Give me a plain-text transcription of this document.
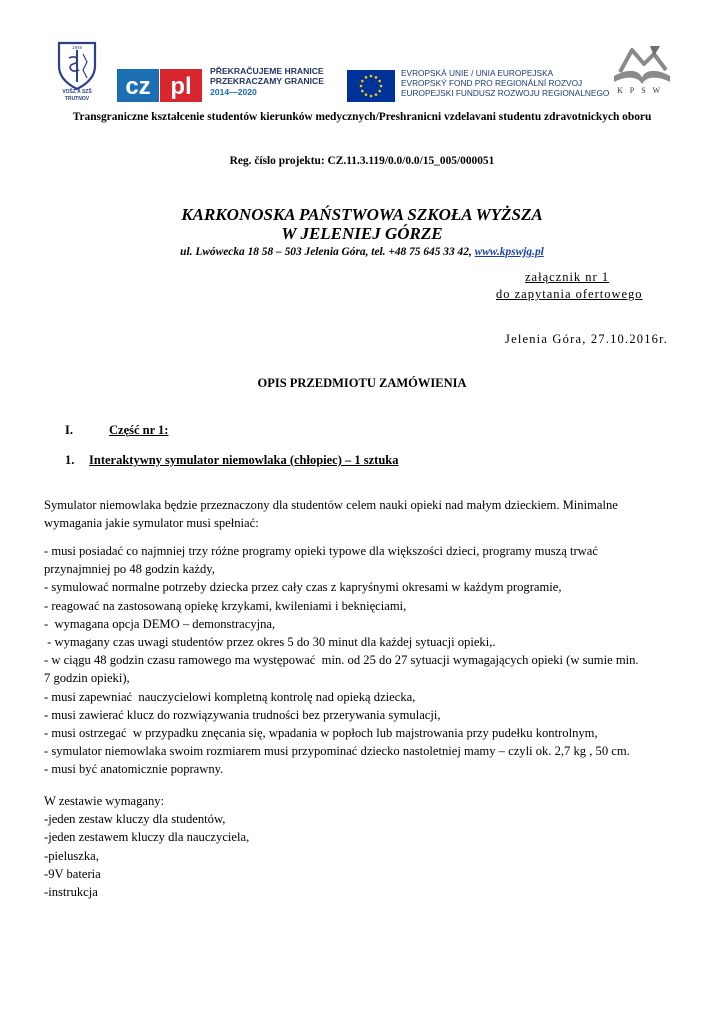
1949
VOŠZ A SZŠ
TRUTNOV	cz pl
PŘEKRAČUJEME HRANICE
PRZEKRACZAMY GRANICE
2014—2020
EVROPSKÁ UNIE / UNIA EUROPEJSKA
EVROPSKÝ FOND PRO REGIONÁLNÍ ROZVOJ
EUROPEJSKI FUNDUSZ ROZWOJU REGIONALNEGO KPSW
Transgraniczne kształcenie studentów kierunków medycznych/Preshranicni vzdelavani studentu zdravotnickych oboru
Reg. číslo projektu: CZ.11.3.119/0.0/0.0/15_005/000051
KARKONOSKA PAŃSTWOWA SZKOŁA WYŻSZA
W JELENIEJ GÓRZE
ul. Lwówecka 18 58 – 503 Jelenia Góra, tel. +48 75 645 33 42, www.kpswjg.pl
załącznik nr 1
do zapytania ofertowego
Jelenia Góra, 27.10.2016r.
OPIS PRZEDMIOTU ZAMÓWIENIA
I.	Część nr 1:
1. Interaktywny symulator niemowlaka (chłopiec) – 1 sztuka
Symulator niemowlaka będzie przeznaczony dla studentów celem nauki opieki nad małym dzieckiem. Minimalne
wymagania jakie symulator musi spełniać:
- musi posiadać co najmniej trzy różne programy opieki typowe dla większości dzieci, programy muszą trwać
przynajmniej po 48 godzin każdy,
- symulować normalne potrzeby dziecka przez cały czas z kapryśnymi okresami w każdym programie,
- reagować na zastosowaną opiekę krzykami, kwileniami i beknięciami,
-  wymagana opcja DEMO – demonstracyjna,
- wymagany czas uwagi studentów przez okres 5 do 30 minut dla każdej sytuacji opieki,.
- w ciągu 48 godzin czasu ramowego ma występować  min. od 25 do 27 sytuacji wymagających opieki (w sumie min.
7 godzin opieki),
- musi zapewniać  nauczycielowi kompletną kontrolę nad opieką dziecka,
- musi zawierać klucz do rozwiązywania trudności bez przerywania symulacji,
- musi ostrzegać  w przypadku znęcania się, wpadania w popłoch lub majstrowania przy pudełku kontrolnym,
- symulator niemowlaka swoim rozmiarem musi przypominać dziecko nastoletniej mamy – czyli ok. 2,7 kg , 50 cm.
- musi być anatomicznie poprawny.
W zestawie wymagany:
-jeden zestaw kluczy dla studentów,
-jeden zestawem kluczy dla nauczyciela,
-pieluszka,
-9V bateria
-instrukcja
